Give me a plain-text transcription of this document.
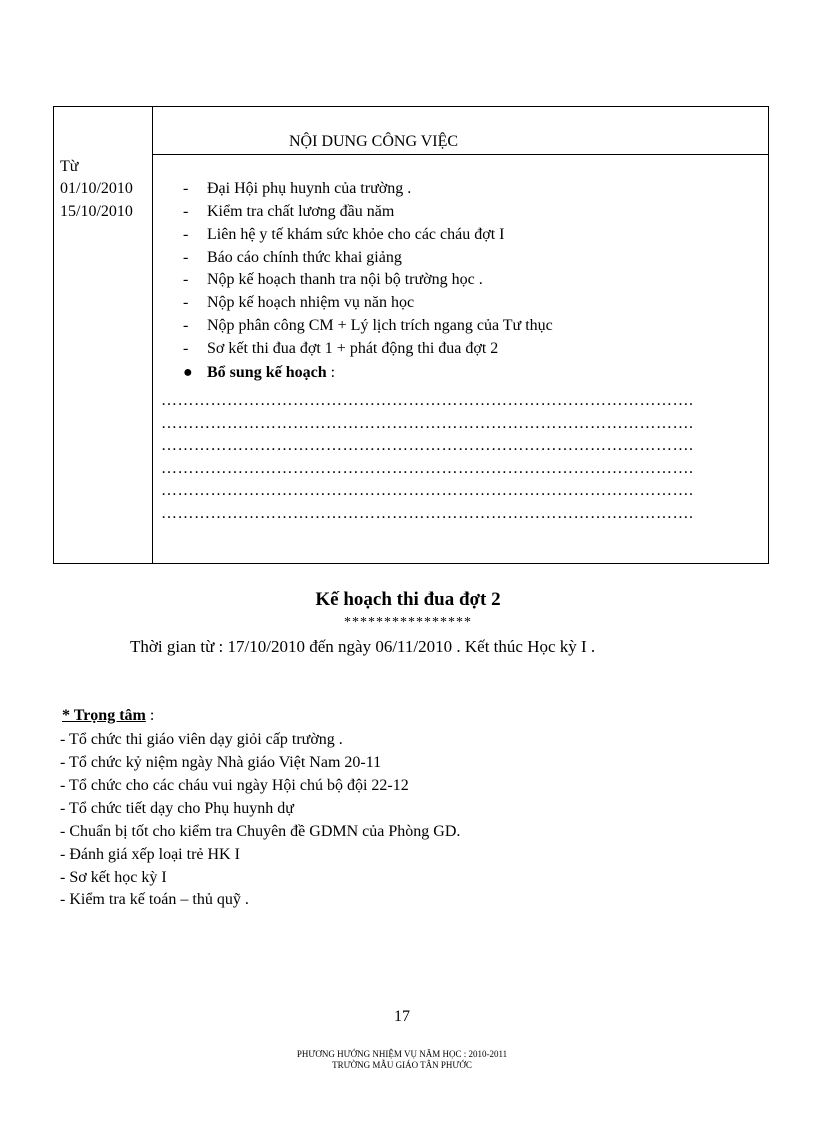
Từ
01/10/2010
15/10/2010
NỘI DUNG CÔNG VIỆC
- Đại Hội phụ huynh của trường .
- Kiểm tra chất lương đầu năm
- Liên hệ y tế khám sức khỏe cho các cháu đợt I
- Báo cáo chính thức khai giảng
- Nộp kế hoạch thanh tra nội bộ trường học .
- Nộp kế hoạch nhiệm vụ năn học
- Nộp phân công CM + Lý lịch trích ngang của Tư thục
- Sơ kết thi đua đợt 1 + phát động thi đua đợt 2
● Bổ sung kế hoạch :
…………………………………………………………………………………….
…………………………………………………………………………………….
…………………………………………………………………………………….
…………………………………………………………………………………….
…………………………………………………………………………………….
…………………………………………………………………………………….
Kế hoạch thi đua đợt 2
****************
Thời gian từ : 17/10/2010 đến ngày 06/11/2010 . Kết thúc Học kỳ I .
* Trọng tâm :
- Tổ chức thi giáo viên dạy giỏi cấp trường .
- Tổ chức kỷ niệm ngày Nhà giáo Việt Nam 20-11
- Tổ chức cho các cháu vui ngày Hội chú bộ đội 22-12
- Tổ chức tiết dạy cho Phụ huynh dự
- Chuẩn bị tốt cho kiểm tra Chuyên đề GDMN của Phòng GD.
- Đánh giá xếp loại trẻ HK I
- Sơ kết học kỳ I
- Kiểm tra kế toán – thủ quỹ .
17
PHƯƠNG HƯỚNG NHIỆM VỤ NĂM HỌC : 2010-2011
TRƯỜNG MẪU GIÁO TÂN PHƯỚC
